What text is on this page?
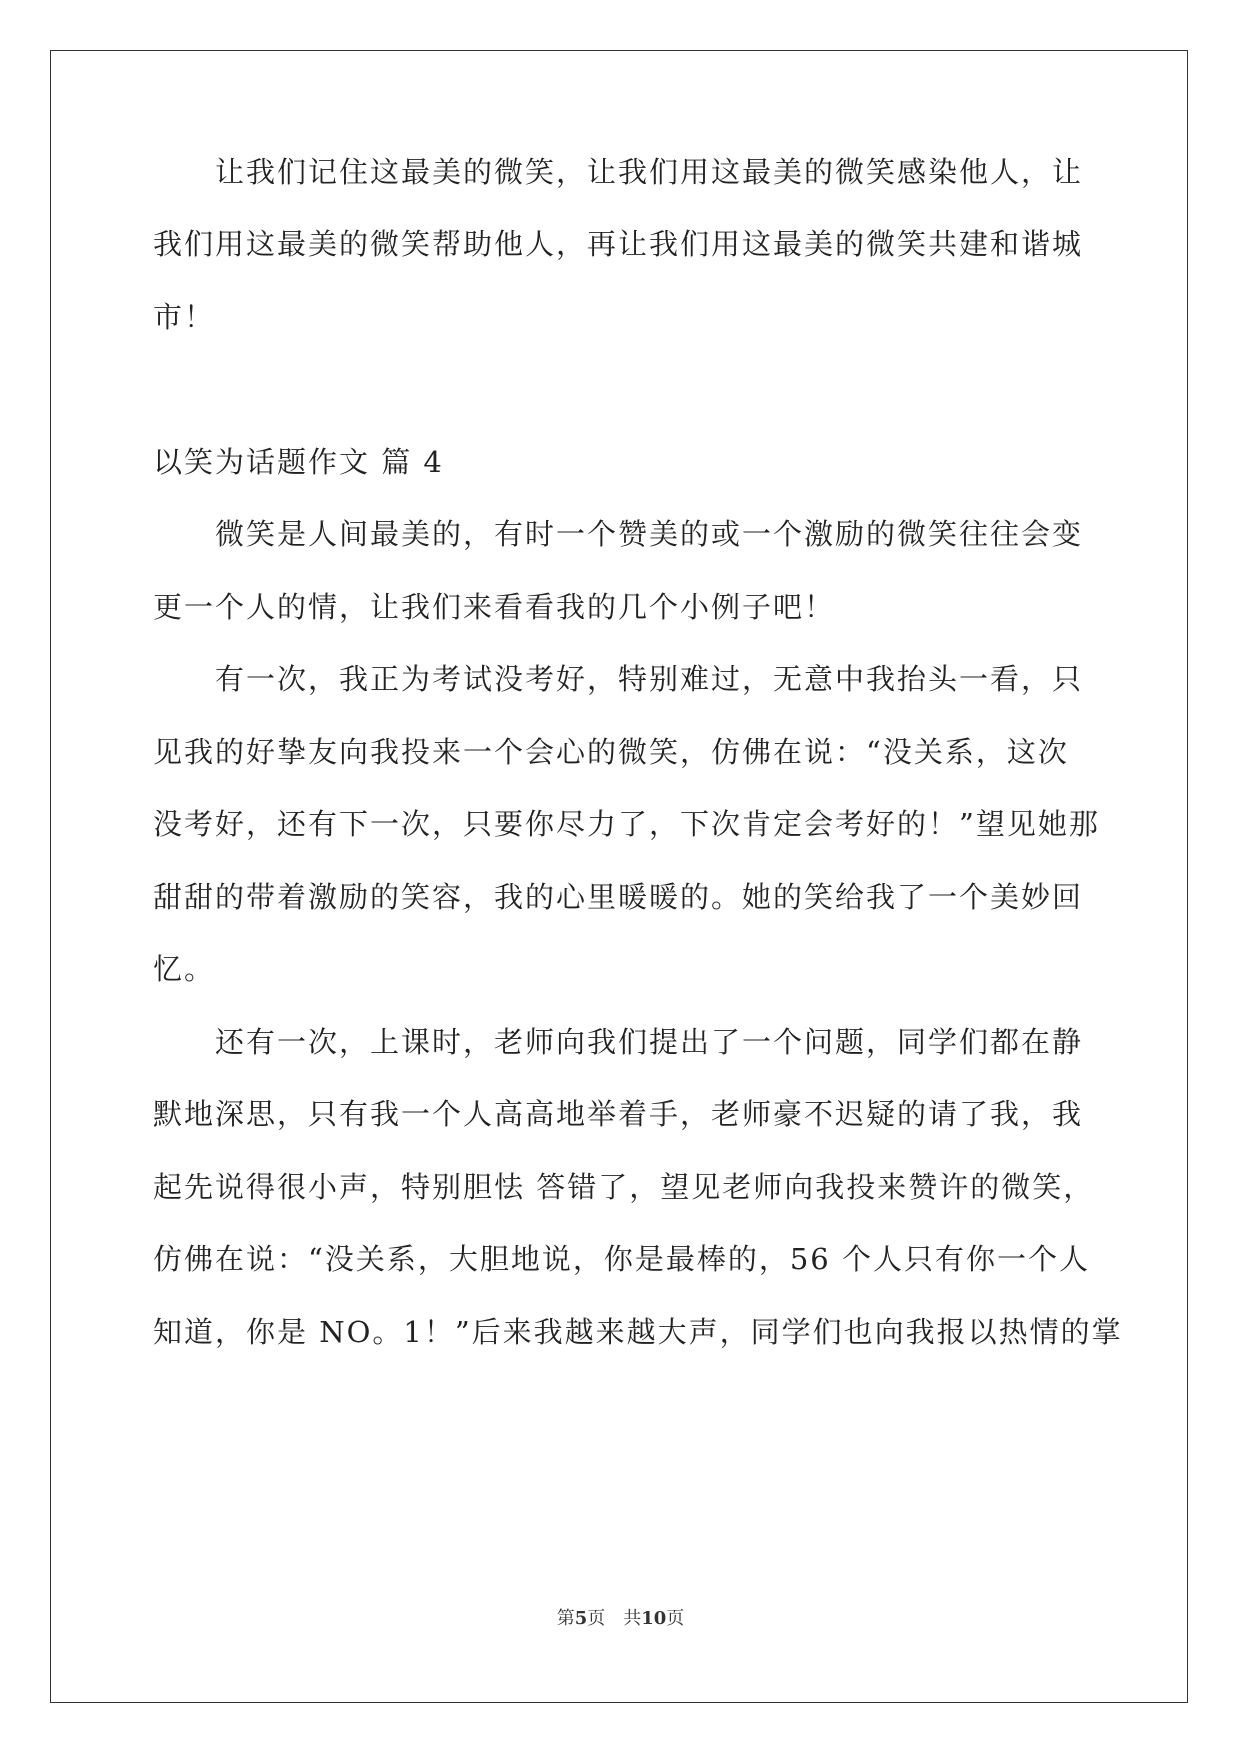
让我们记住这最美的微笑，让我们用这最美的微笑感染他人，让
我们用这最美的微笑帮助他人，再让我们用这最美的微笑共建和谐城
市！
以笑为话题作文 篇 4
微笑是人间最美的，有时一个赞美的或一个激励的微笑往往会变
更一个人的情，让我们来看看我的几个小例子吧！
有一次，我正为考试没考好，特别难过，无意中我抬头一看，只
见我的好挚友向我投来一个会心的微笑，仿佛在说：“没关系，这次
没考好，还有下一次，只要你尽力了，下次肯定会考好的！”望见她那
甜甜的带着激励的笑容，我的心里暖暖的。她的笑给我了一个美妙回
忆。
还有一次，上课时，老师向我们提出了一个问题，同学们都在静
默地深思，只有我一个人高高地举着手，老师豪不迟疑的请了我，我
起先说得很小声，特别胆怯 答错了，望见老师向我投来赞许的微笑，
仿佛在说：“没关系，大胆地说，你是最棒的，56 个人只有你一个人
知道，你是 NO。1！”后来我越来越大声，同学们也向我报以热情的掌
第5页　共10页
